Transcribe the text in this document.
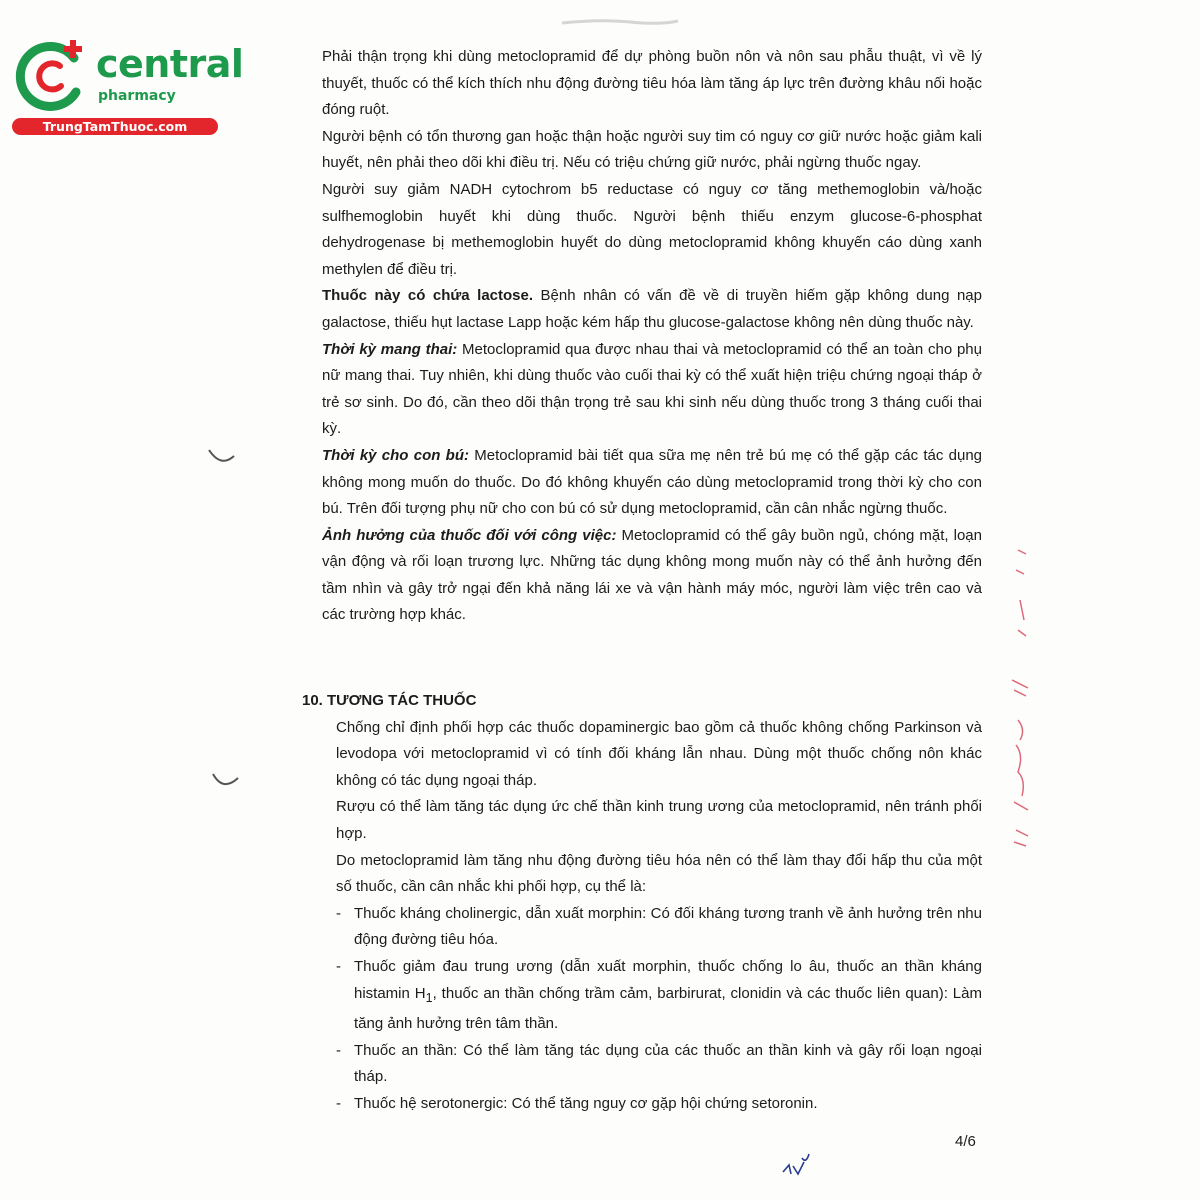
central
pharmacy
TrungTamThuoc.com

Phải thận trọng khi dùng metoclopramid để dự phòng buồn nôn và nôn sau phẫu thuật, vì về lý thuyết, thuốc có thể kích thích nhu động đường tiêu hóa làm tăng áp lực trên đường khâu nối hoặc đóng ruột.

Người bệnh có tổn thương gan hoặc thận hoặc người suy tim có nguy cơ giữ nước hoặc giảm kali huyết, nên phải theo dõi khi điều trị. Nếu có triệu chứng giữ nước, phải ngừng thuốc ngay.

Người suy giảm NADH cytochrom b5 reductase có nguy cơ tăng methemoglobin và/hoặc sulfhemoglobin huyết khi dùng thuốc. Người bệnh thiếu enzym glucose-6-phosphat dehydrogenase bị methemoglobin huyết do dùng metoclopramid không khuyến cáo dùng xanh methylen để điều trị.

Thuốc này có chứa lactose. Bệnh nhân có vấn đề về di truyền hiếm gặp không dung nạp galactose, thiếu hụt lactase Lapp hoặc kém hấp thu glucose-galactose không nên dùng thuốc này.

Thời kỳ mang thai: Metoclopramid qua được nhau thai và metoclopramid có thể an toàn cho phụ nữ mang thai. Tuy nhiên, khi dùng thuốc vào cuối thai kỳ có thể xuất hiện triệu chứng ngoại tháp ở trẻ sơ sinh. Do đó, cần theo dõi thận trọng trẻ sau khi sinh nếu dùng thuốc trong 3 tháng cuối thai kỳ.

Thời kỳ cho con bú: Metoclopramid bài tiết qua sữa mẹ nên trẻ bú mẹ có thể gặp các tác dụng không mong muốn do thuốc. Do đó không khuyến cáo dùng metoclopramid trong thời kỳ cho con bú. Trên đối tượng phụ nữ cho con bú có sử dụng metoclopramid, cần cân nhắc ngừng thuốc.

Ảnh hưởng của thuốc đối với công việc: Metoclopramid có thể gây buồn ngủ, chóng mặt, loạn vận động và rối loạn trương lực. Những tác dụng không mong muốn này có thể ảnh hưởng đến tầm nhìn và gây trở ngại đến khả năng lái xe và vận hành máy móc, người làm việc trên cao và các trường hợp khác.

10. TƯƠNG TÁC THUỐC

Chống chỉ định phối hợp các thuốc dopaminergic bao gồm cả thuốc không chống Parkinson và levodopa với metoclopramid vì có tính đối kháng lẫn nhau. Dùng một thuốc chống nôn khác không có tác dụng ngoại tháp.

Rượu có thể làm tăng tác dụng ức chế thần kinh trung ương của metoclopramid, nên tránh phối hợp.

Do metoclopramid làm tăng nhu động đường tiêu hóa nên có thể làm thay đổi hấp thu của một số thuốc, cần cân nhắc khi phối hợp, cụ thể là:

- Thuốc kháng cholinergic, dẫn xuất morphin: Có đối kháng tương tranh về ảnh hưởng trên nhu động đường tiêu hóa.
- Thuốc giảm đau trung ương (dẫn xuất morphin, thuốc chống lo âu, thuốc an thần kháng histamin $H_1$, thuốc an thần chống trầm cảm, barbirurat, clonidin và các thuốc liên quan): Làm tăng ảnh hưởng trên tâm thần.
- Thuốc an thần: Có thể làm tăng tác dụng của các thuốc an thần kinh và gây rối loạn ngoại tháp.
- Thuốc hệ serotonergic: Có thể tăng nguy cơ gặp hội chứng setoronin.
4/6
